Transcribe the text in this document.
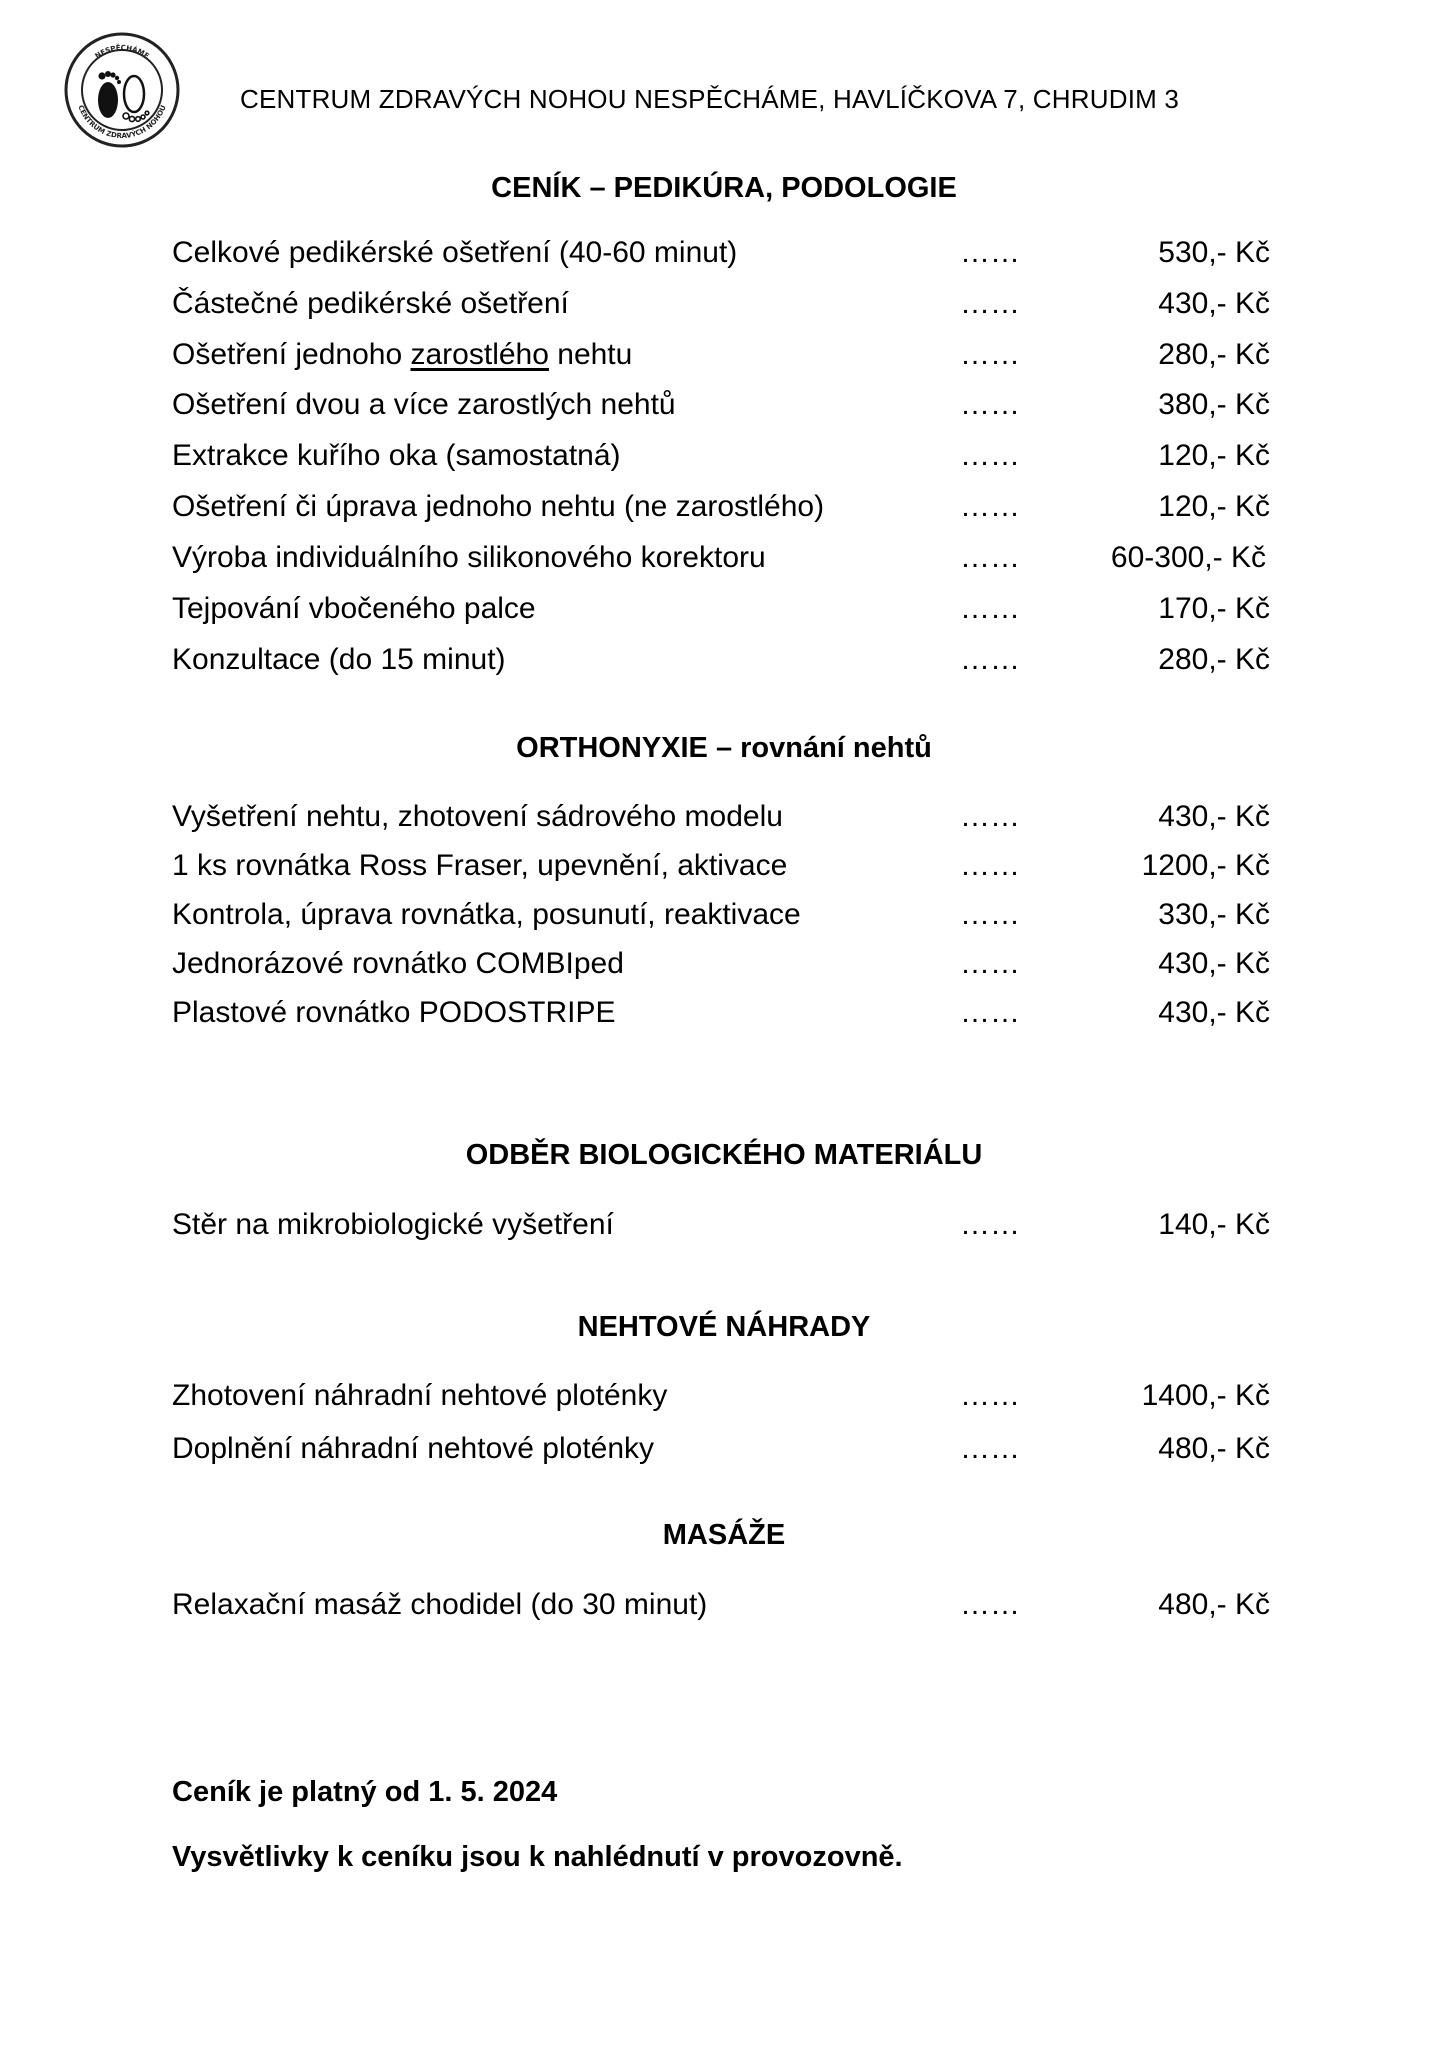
NESPĚCHÁME
CENTRUM ZDRAVÝCH NOHOU	CENTRUM ZDRAVÝCH NOHOU NESPĚCHÁME, HAVLÍČKOVA 7, CHRUDIM 3
CENÍK – PEDIKÚRA, PODOLOGIE
Celkové pedikérské ošetření (40-60 minut)	……	530,- Kč
Částečné pedikérské ošetření	……	430,- Kč
Ošetření jednoho zarostlého nehtu	……	280,- Kč
Ošetření dvou a více zarostlých nehtů	……	380,- Kč
Extrakce kuřího oka (samostatná)	……	120,- Kč
Ošetření či úprava jednoho nehtu (ne zarostlého)	……	120,- Kč
Výroba individuálního silikonového korektoru	……	60-300,- Kč
Tejpování vbočeného palce	……	170,- Kč
Konzultace (do 15 minut)	……	280,- Kč
ORTHONYXIE – rovnání nehtů
Vyšetření nehtu, zhotovení sádrového modelu	……	430,- Kč
1 ks rovnátka Ross Fraser, upevnění, aktivace	……	1200,- Kč
Kontrola, úprava rovnátka, posunutí, reaktivace	……	330,- Kč
Jednorázové rovnátko COMBIped	……	430,- Kč
Plastové rovnátko PODOSTRIPE	……	430,- Kč
ODBĚR BIOLOGICKÉHO MATERIÁLU
Stěr na mikrobiologické vyšetření	……	140,- Kč
NEHTOVÉ NÁHRADY
Zhotovení náhradní nehtové ploténky	……	1400,- Kč
Doplnění náhradní nehtové ploténky	……	480,- Kč
MASÁŽE
Relaxační masáž chodidel (do 30 minut)	……	480,- Kč
Ceník je platný od 1. 5. 2024
Vysvětlivky k ceníku jsou k nahlédnutí v provozovně.
